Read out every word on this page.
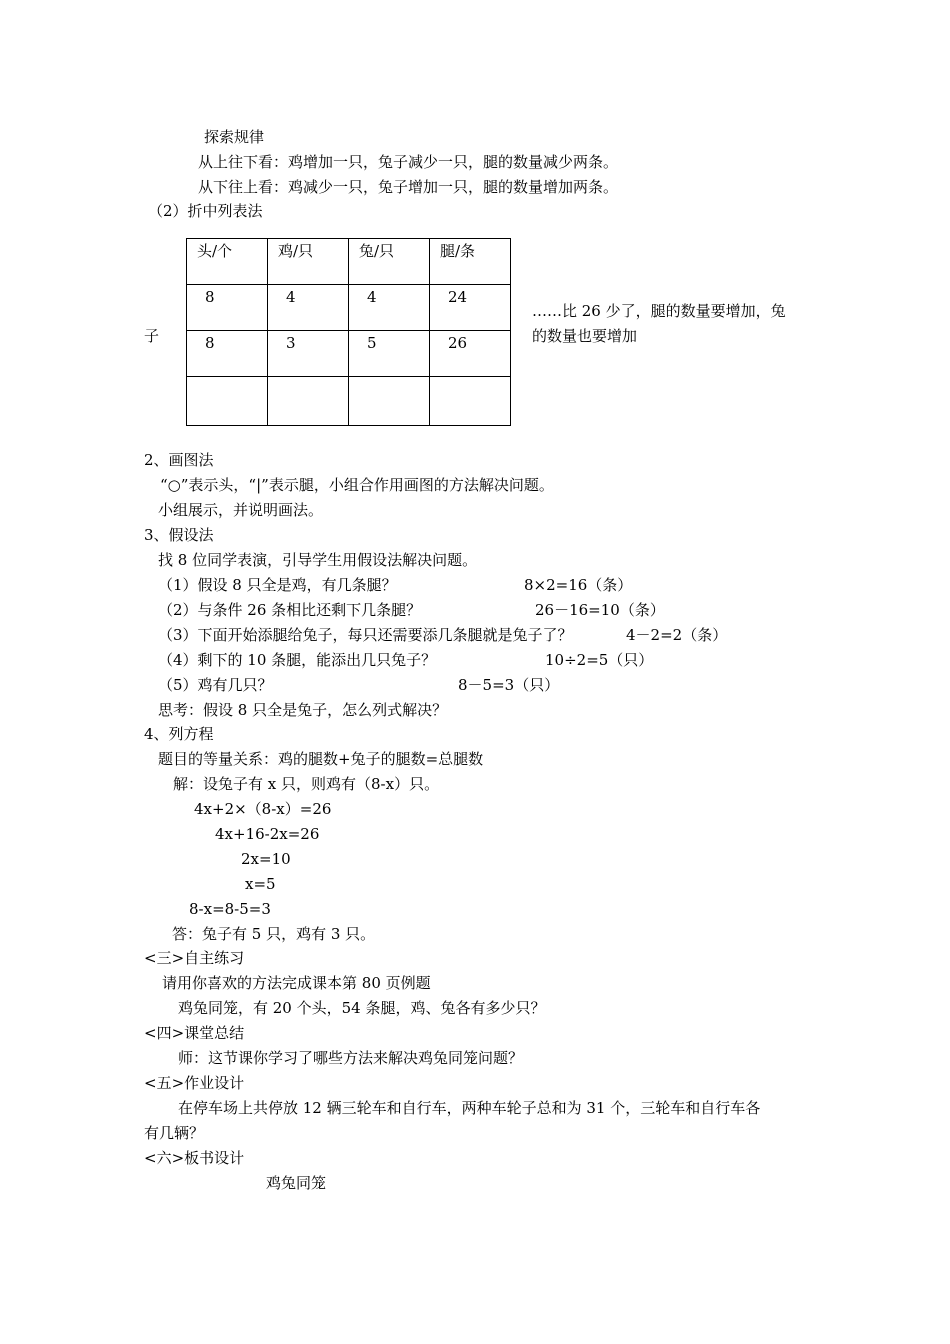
探索规律
从上往下看：鸡增加一只，兔子减少一只，腿的数量减少两条。
从下往上看：鸡减少一只，兔子增加一只，腿的数量增加两条。
（2）折中列表法
头/个	鸡/只	兔/只	腿/条
8	4	4	24
8	3	5	26

子
……比 26 少了，腿的数量要增加，兔
的数量也要增加
2、画图法
“○”表示头，“|”表示腿，小组合作用画图的方法解决问题。
小组展示，并说明画法。
3、假设法
找 8 位同学表演，引导学生用假设法解决问题。
（1）假设 8 只全是鸡，有几条腿？	8×2=16（条）
（2）与条件 26 条相比还剩下几条腿？	26－16=10（条）
（3）下面开始添腿给兔子，每只还需要添几条腿就是兔子了？	4－2=2（条）
（4）剩下的 10 条腿，能添出几只兔子？	10÷2=5（只）
（5）鸡有几只？	8－5=3（只）
思考：假设 8 只全是兔子，怎么列式解决？
4、列方程
题目的等量关系：鸡的腿数+兔子的腿数=总腿数
解：设兔子有 x 只，则鸡有（8-x）只。
4x+2×（8-x）=26
4x+16-2x=26
2x=10
x=5
8-x=8-5=3
答：兔子有 5 只，鸡有 3 只。
<三>自主练习
请用你喜欢的方法完成课本第 80 页例题
鸡兔同笼，有 20 个头，54 条腿，鸡、兔各有多少只？
<四>课堂总结
师：这节课你学习了哪些方法来解决鸡兔同笼问题？
<五>作业设计
在停车场上共停放 12 辆三轮车和自行车，两种车轮子总和为 31 个，三轮车和自行车各
有几辆？
<六>板书设计
鸡兔同笼
